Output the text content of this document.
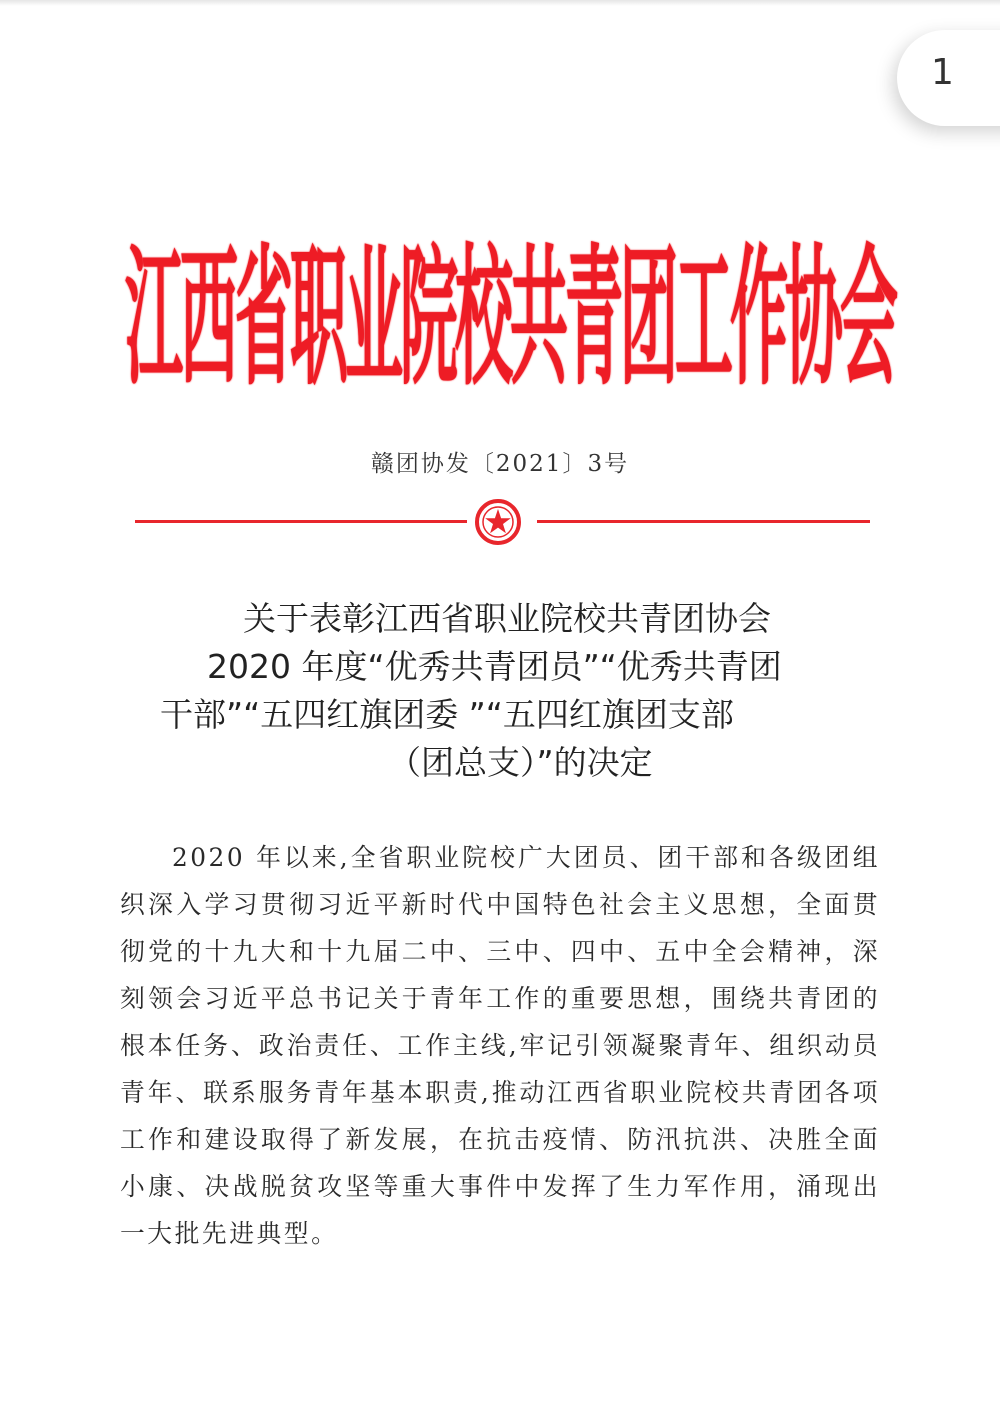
1
江西省职业院校共青团工作协会
赣团协发〔2021〕3号
关于表彰江西省职业院校共青团协会
2020 年度“优秀共青团员”“优秀共青团
干部”“五四红旗团委 ”“五四红旗团支部
（团总支）”的决定

2020 年以来,全省职业院校广大团员、团干部和各级团组织深入学习贯彻习近平新时代中国特色社会主义思想，全面贯彻党的十九大和十九届二中、三中、四中、五中全会精神，深刻领会习近平总书记关于青年工作的重要思想，围绕共青团的根本任务、政治责任、工作主线,牢记引领凝聚青年、组织动员青年、联系服务青年基本职责,推动江西省职业院校共青团各项工作和建设取得了新发展，在抗击疫情、防汛抗洪、决胜全面小康、决战脱贫攻坚等重大事件中发挥了生力军作用，涌现出一大批先进典型。
